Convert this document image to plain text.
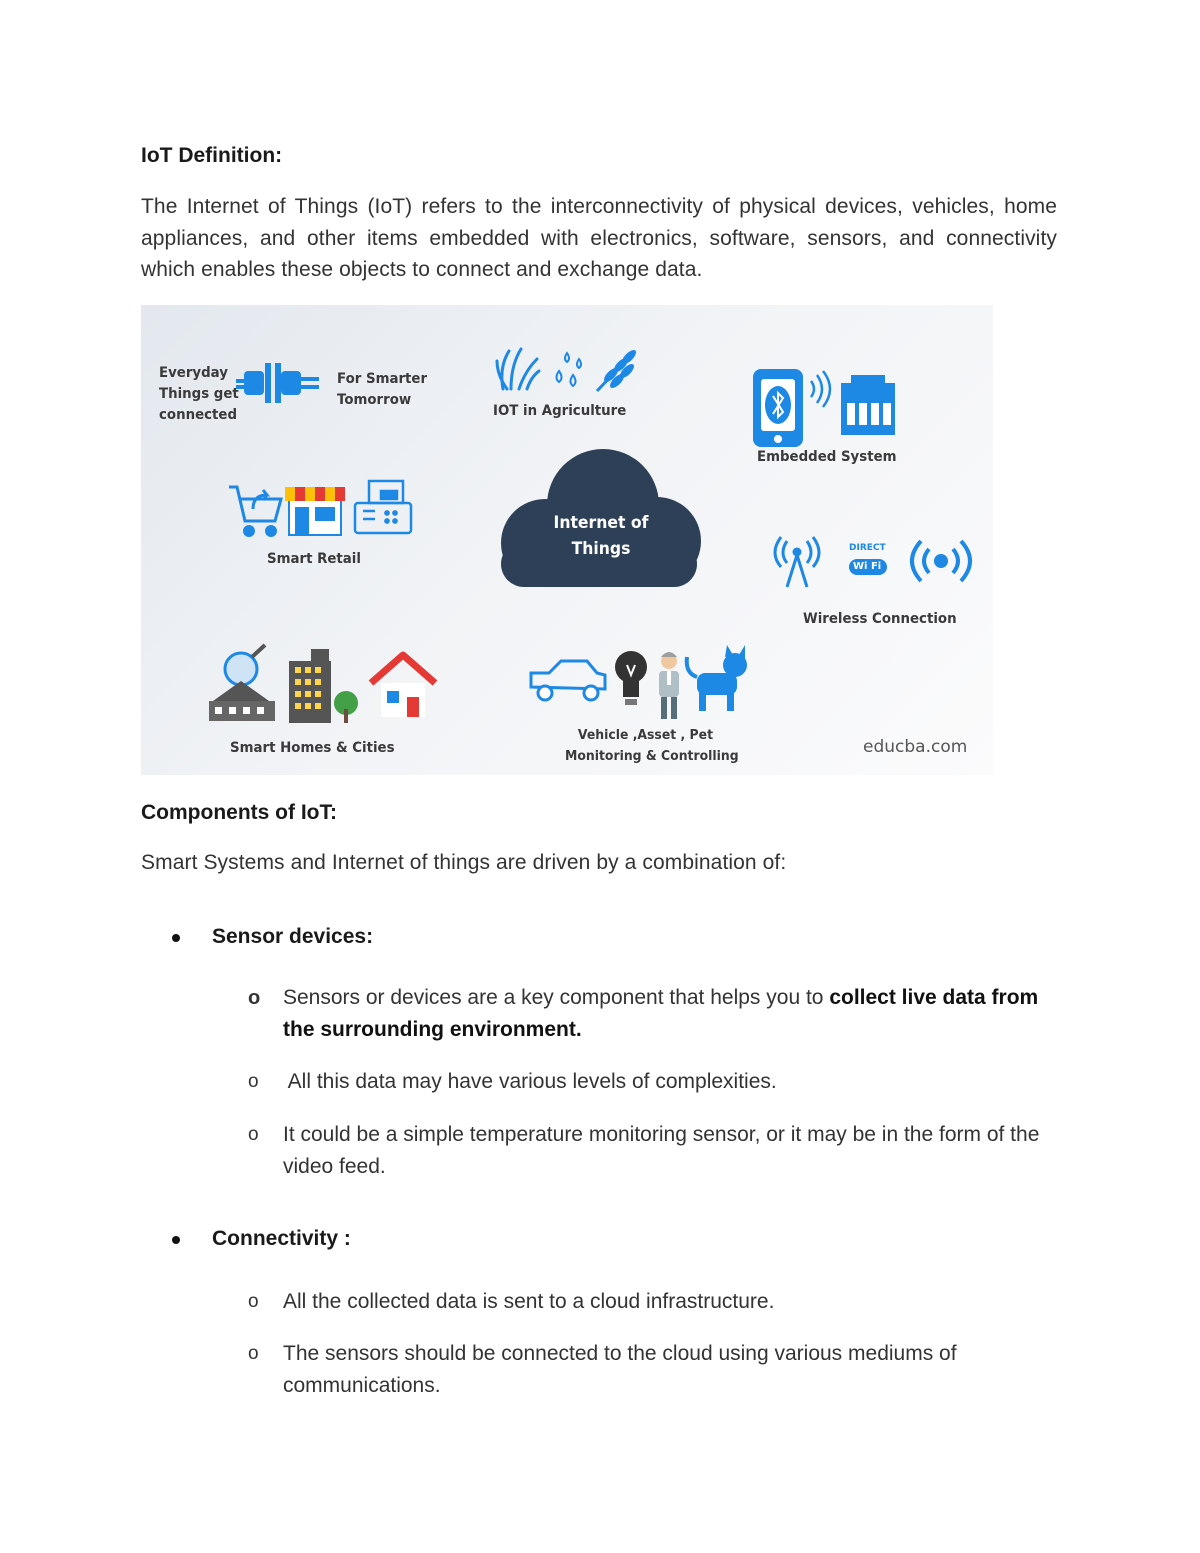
IoT Definition:

The Internet of Things (IoT) refers to the interconnectivity of physical devices, vehicles, home appliances, and other items embedded with electronics, software, sensors, and connectivity which enables these objects to connect and exchange data.

Everyday
Things get
connected
For Smarter
Tomorrow
IOT in Agriculture
Embedded System
Smart Retail
Internet of
Things	DIRECT
Wi Fi
Wireless Connection
Smart Homes & Cities
Vehicle ,Asset , Pet
Monitoring & Controlling	educba.com
Components of IoT:

Smart Systems and Internet of things are driven by a combination of:

Sensor devices:
o Sensors or devices are a key component that helps you to collect live data from the surrounding environment.
o All this data may have various levels of complexities.
o It could be a simple temperature monitoring sensor, or it may be in the form of the video feed.
Connectivity :
o All the collected data is sent to a cloud infrastructure.
o The sensors should be connected to the cloud using various mediums of communications.
